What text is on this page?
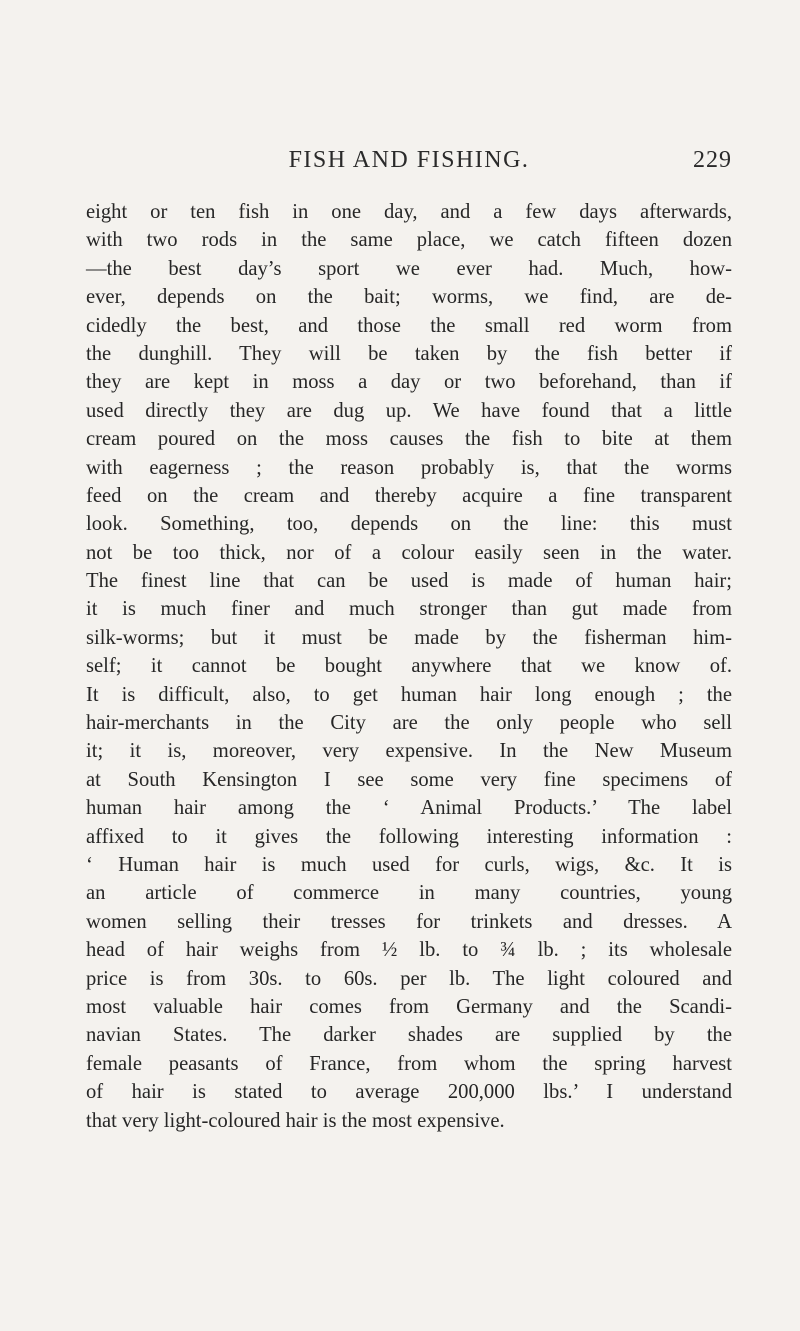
FISH AND FISHING.	229
eight or ten fish in one day, and a few days afterwards,
with two rods in the same place, we catch fifteen dozen
—the best day’s sport we ever had. Much, how-
ever, depends on the bait; worms, we find, are de-
cidedly the best, and those the small red worm from
the dunghill. They will be taken by the fish better if
they are kept in moss a day or two beforehand, than if
used directly they are dug up. We have found that a little
cream poured on the moss causes the fish to bite at them
with eagerness ; the reason probably is, that the worms
feed on the cream and thereby acquire a fine transparent
look. Something, too, depends on the line: this must
not be too thick, nor of a colour easily seen in the water.
The finest line that can be used is made of human hair;
it is much finer and much stronger than gut made from
silk-worms; but it must be made by the fisherman him-
self; it cannot be bought anywhere that we know of.
It is difficult, also, to get human hair long enough ; the
hair-merchants in the City are the only people who sell
it; it is, moreover, very expensive. In the New Museum
at South Kensington I see some very fine specimens of
human hair among the ‘ Animal Products.’ The label
affixed to it gives the following interesting information :
‘ Human hair is much used for curls, wigs, &c. It is
an article of commerce in many countries, young
women selling their tresses for trinkets and dresses. A
head of hair weighs from ½ lb. to ¾ lb. ; its wholesale
price is from 30s. to 60s. per lb. The light coloured and
most valuable hair comes from Germany and the Scandi-
navian States. The darker shades are supplied by the
female peasants of France, from whom the spring harvest
of hair is stated to average 200,000 lbs.’ I understand
that very light-coloured hair is the most expensive.
